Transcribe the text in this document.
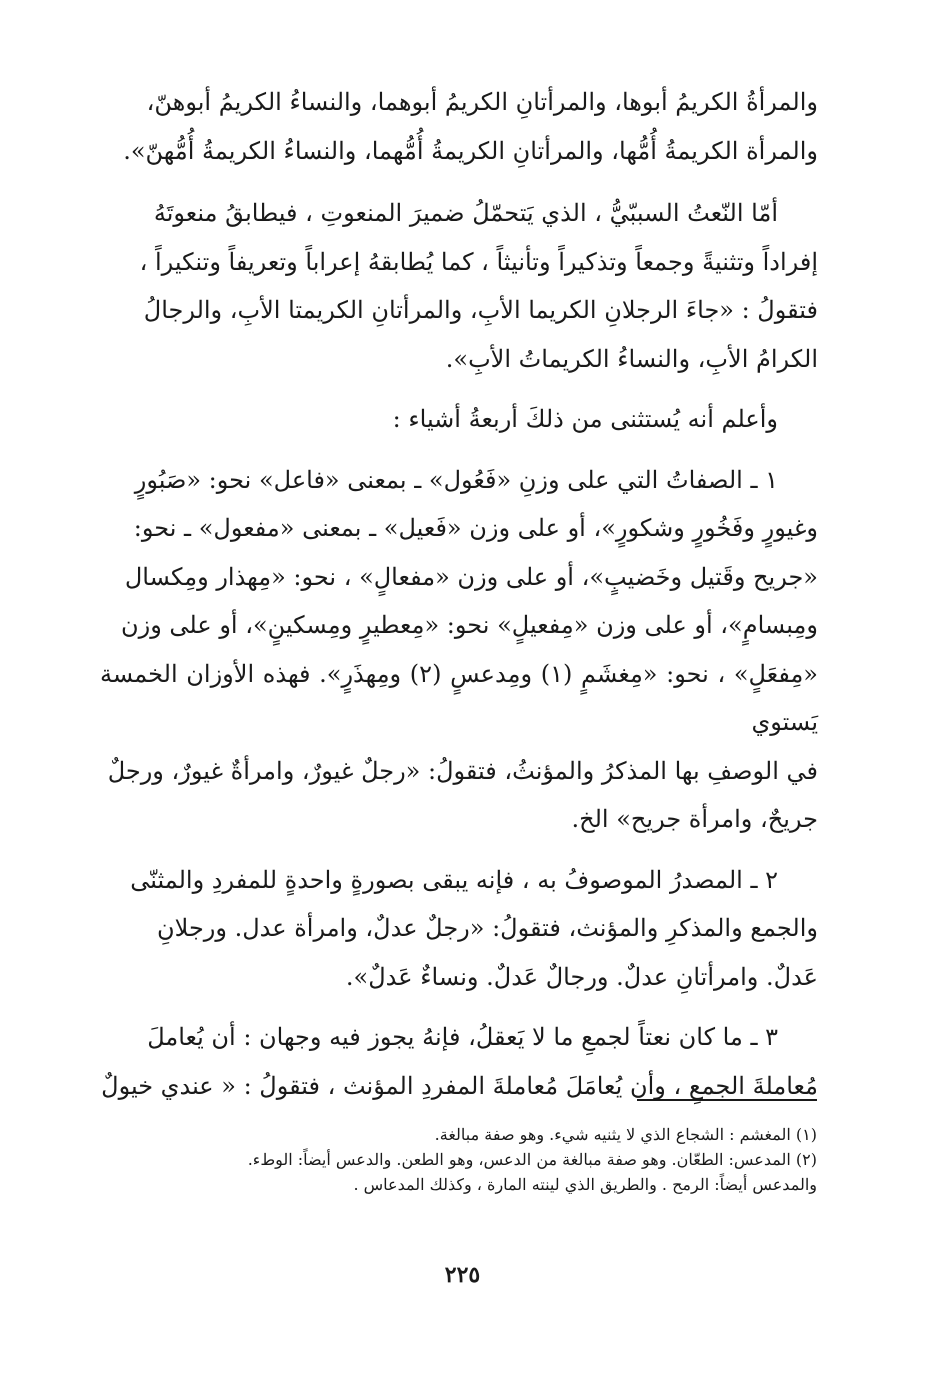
والمرأةُ الكريمُ أبوها، والمرأتانِ الكريمُ أبوهما، والنساءُ الكريمُ أبوهنّ،

والمرأة الكريمةُ أُمُّها، والمرأتانِ الكريمةُ أُمُّهما، والنساءُ الكريمةُ أُمُّهنّ».

أمّا النّعتُ السببّيُّ ، الذي يَتحمّلُ ضميرَ المنعوتِ ، فيطابقُ منعوتَهُ

إفراداً وتثنيةً وجمعاً وتذكيراً وتأنيثاً ، كما يُطابقهُ إعراباً وتعريفاً وتنكيراً ،

فتقولُ : «جاءَ الرجلانِ الكريما الأبِ، والمرأتانِ الكريمتا الأبِ، والرجالُ

الكرامُ الأبِ، والنساءُ الكريماتُ الأبِ».

وأعلم أنه يُستثنى من ذلكَ أربعةُ أشياء :

١ ـ الصفاتُ التي على وزنِ «فَعُول» ـ بمعنى «فاعل» نحو: «صَبُورٍ

وغيورٍ وفَخُورٍ وشكورٍ»، أو على وزن «فَعيل» ـ بمعنى «مفعول» ـ نحو:

«جريح وقَتيل وخَضيبٍ»، أو على وزن «مفعالٍ» ، نحو: «مِهذار ومِكسال

ومِبسامٍ»، أو على وزن «مِفعيلٍ» نحو: «مِعطيرٍ ومِسكينٍ»، أو على وزن

«مِفعَلٍ» ، نحو: «مِغشَمٍ (١) ومِدعسٍ (٢) ومِهذَرٍ». فهذه الأوزان الخمسة يَستوي

في الوصفِ بها المذكرُ والمؤنثُ، فتقولُ: «رجلٌ غيورٌ، وامرأةٌ غيورٌ، ورجلٌ

جريحٌ، وامرأة جريح» الخ.

٢ ـ المصدرُ الموصوفُ به ، فإنه يبقى بصورةٍ واحدةٍ للمفردِ والمثنّى

والجمع والمذكرِ والمؤنث، فتقولُ: «رجلٌ عدلٌ، وامرأة عدل. ورجلانِ

عَدلٌ. وامرأتانِ عدلٌ. ورجالٌ عَدلٌ. ونساءٌ عَدلٌ».

٣ ـ ما كان نعتاً لجمعِ ما لا يَعقلُ، فإنهُ يجوز فيه وجهان : أن يُعاملَ

مُعاملةَ الجمعِ ، وأن يُعامَلَ مُعاملةَ المفردِ المؤنث ، فتقولُ : « عندي خيولٌ

(١) المغشم : الشجاع الذي لا يثنيه شيء. وهو صفة مبالغة.

(٢) المدعس: الطعّان. وهو صفة مبالغة من الدعس، وهو الطعن. والدعس أيضاً: الوطء.

والمدعس أيضاً: الرمح . والطريق الذي لينته المارة ، وكذلك المدعاس .

٢٢٥
